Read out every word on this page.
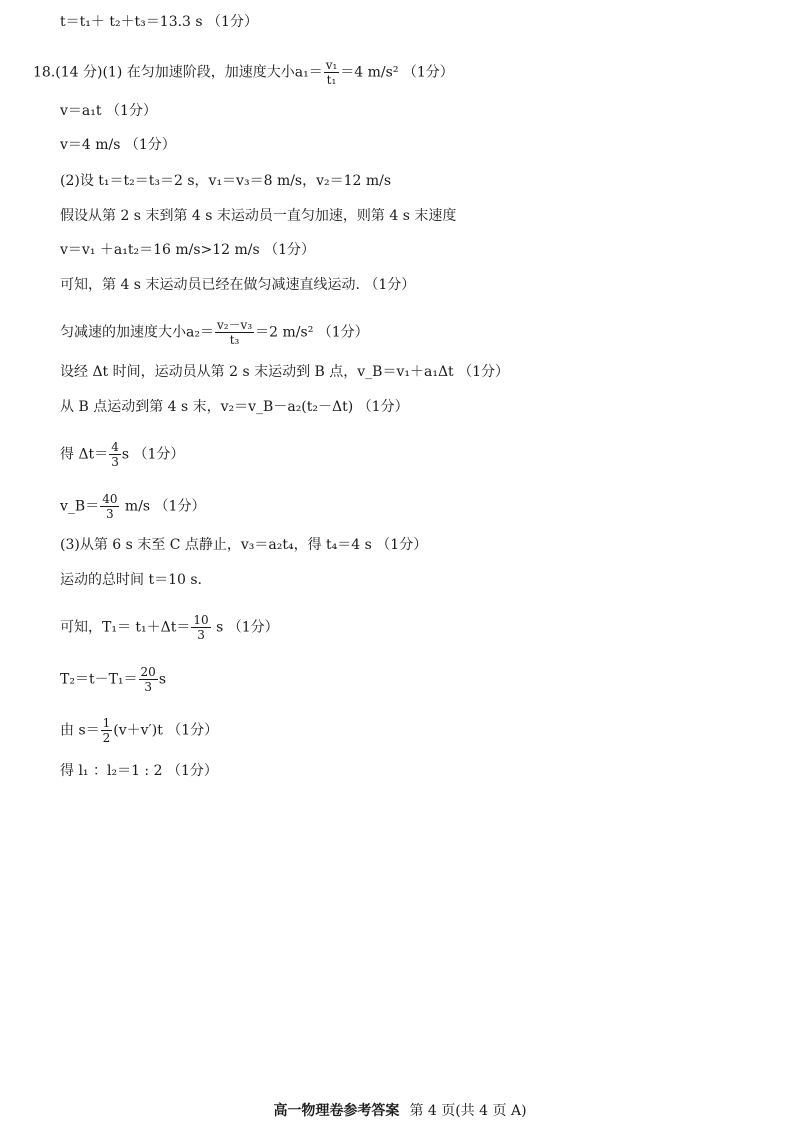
t＝t₁＋ t₂＋t₃＝13.3 s （1分）
18.(14 分)(1) 在匀加速阶段，加速度大小$a_1= \frac{\text{v₁}}{\text{t₁}} =4$ m/s² （1分）
v＝a₁t （1分）
v＝4 m/s （1分）
(2)设 t₁＝t₂＝t₃＝2 s，v₁＝v₃＝8 m/s，v₂＝12 m/s
假设从第 2 s 末到第 4 s 末运动员一直匀加速，则第 4 s 末速度
v＝v₁ ＋a₁t₂＝16 m/s>12 m/s （1分）
可知，第 4 s 末运动员已经在做匀减速直线运动. （1分）
匀减速的加速度大小$a_2= \frac{\text{v₂－v₃}}{\text{t₃}} =2$ m/s² （1分）
设经 Δt 时间，运动员从第 2 s 末运动到 B 点，v_B＝v₁＋a₁Δt （1分）
从 B 点运动到第 4 s 末，v₂＝v_B－a₂(t₂－Δt) （1分）
得 $\Delta t= \frac{4}{3}$ s （1分）
v_B＝ $\frac{40}{3} m/s$ （1分）
(3)从第 6 s 末至 C 点静止，v₃＝a₂t₄，得 t₄＝4 s （1分）
运动的总时间 t＝10 s.
可知，$T_1= t_1+\Delta t= \frac{10}{3}$ s （1分）
$T_2=t-T_1= \frac{20}{3}$ s
由 $s= \frac{1}{2} (v+v')t$ （1分）
得 l₁ ：l₂＝1 : 2 （1分）
高一物理卷参考答案 第 4 页(共 4 页 A)
